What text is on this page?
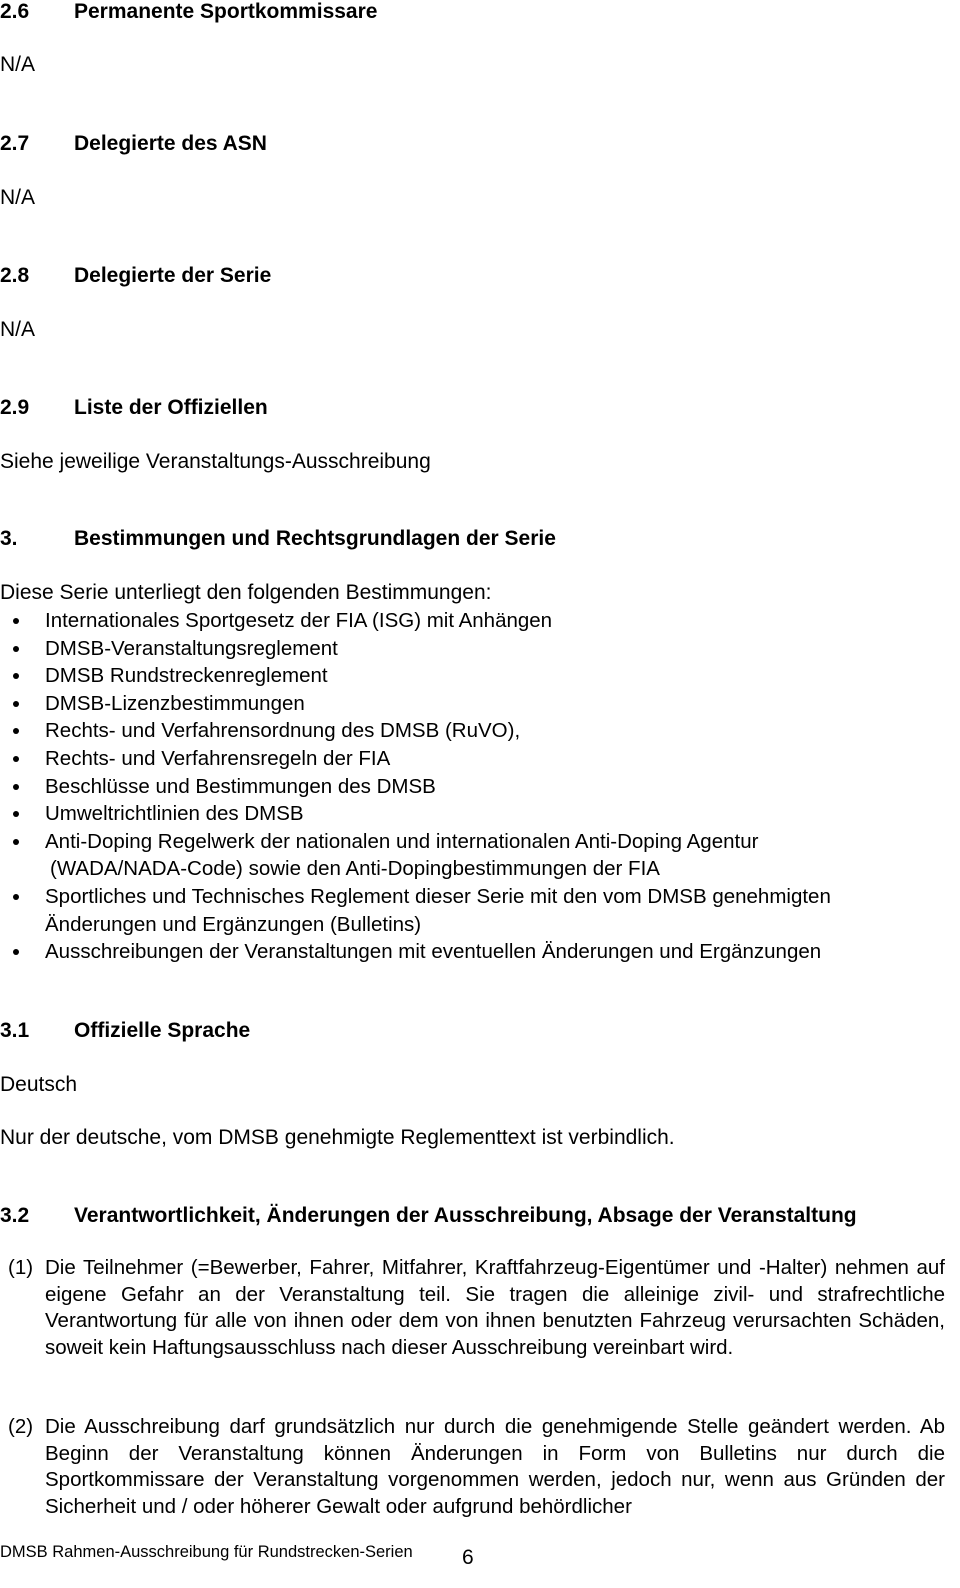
2.6 Permanente Sportkommissare
N/A
2.7 Delegierte des ASN
N/A
2.8 Delegierte der Serie
N/A
2.9 Liste der Offiziellen
Siehe jeweilige Veranstaltungs-Ausschreibung
3.	Bestimmungen und Rechtsgrundlagen der Serie
Diese Serie unterliegt den folgenden Bestimmungen:
Internationales Sportgesetz der FIA (ISG) mit Anhängen
DMSB-Veranstaltungsreglement
DMSB Rundstreckenreglement
DMSB-Lizenzbestimmungen
Rechts- und Verfahrensordnung des DMSB (RuVO),
Rechts- und Verfahrensregeln der FIA
Beschlüsse und Bestimmungen des DMSB
Umweltrichtlinien des DMSB
Anti-Doping Regelwerk der nationalen und internationalen Anti-Doping Agentur
(WADA/NADA-Code) sowie den Anti-Dopingbestimmungen der FIA
Sportliches und Technisches Reglement dieser Serie mit den vom DMSB genehmigten
Änderungen und Ergänzungen (Bulletins)
Ausschreibungen der Veranstaltungen mit eventuellen Änderungen und Ergänzungen
3.1 Offizielle Sprache
Deutsch
Nur der deutsche, vom DMSB genehmigte Reglementtext ist verbindlich.
3.2 Verantwortlichkeit, Änderungen der Ausschreibung, Absage der Veranstaltung
(1) Die Teilnehmer (=Bewerber, Fahrer, Mitfahrer, Kraftfahrzeug-Eigentümer und -Halter) nehmen auf eigene Gefahr an der Veranstaltung teil. Sie tragen die alleinige zivil- und strafrechtliche Verantwortung für alle von ihnen oder dem von ihnen benutzten Fahrzeug verursachten Schäden, soweit kein Haftungsausschluss nach dieser Ausschreibung vereinbart wird.
(2) Die Ausschreibung darf grundsätzlich nur durch die genehmigende Stelle geändert werden. Ab Beginn der Veranstaltung können Änderungen in Form von Bulletins nur durch die Sportkommissare der Veranstaltung vorgenommen werden, jedoch nur, wenn aus Gründen der Sicherheit und / oder höherer Gewalt oder aufgrund behördlicher
DMSB Rahmen-Ausschreibung für Rundstrecken-Serien 6
